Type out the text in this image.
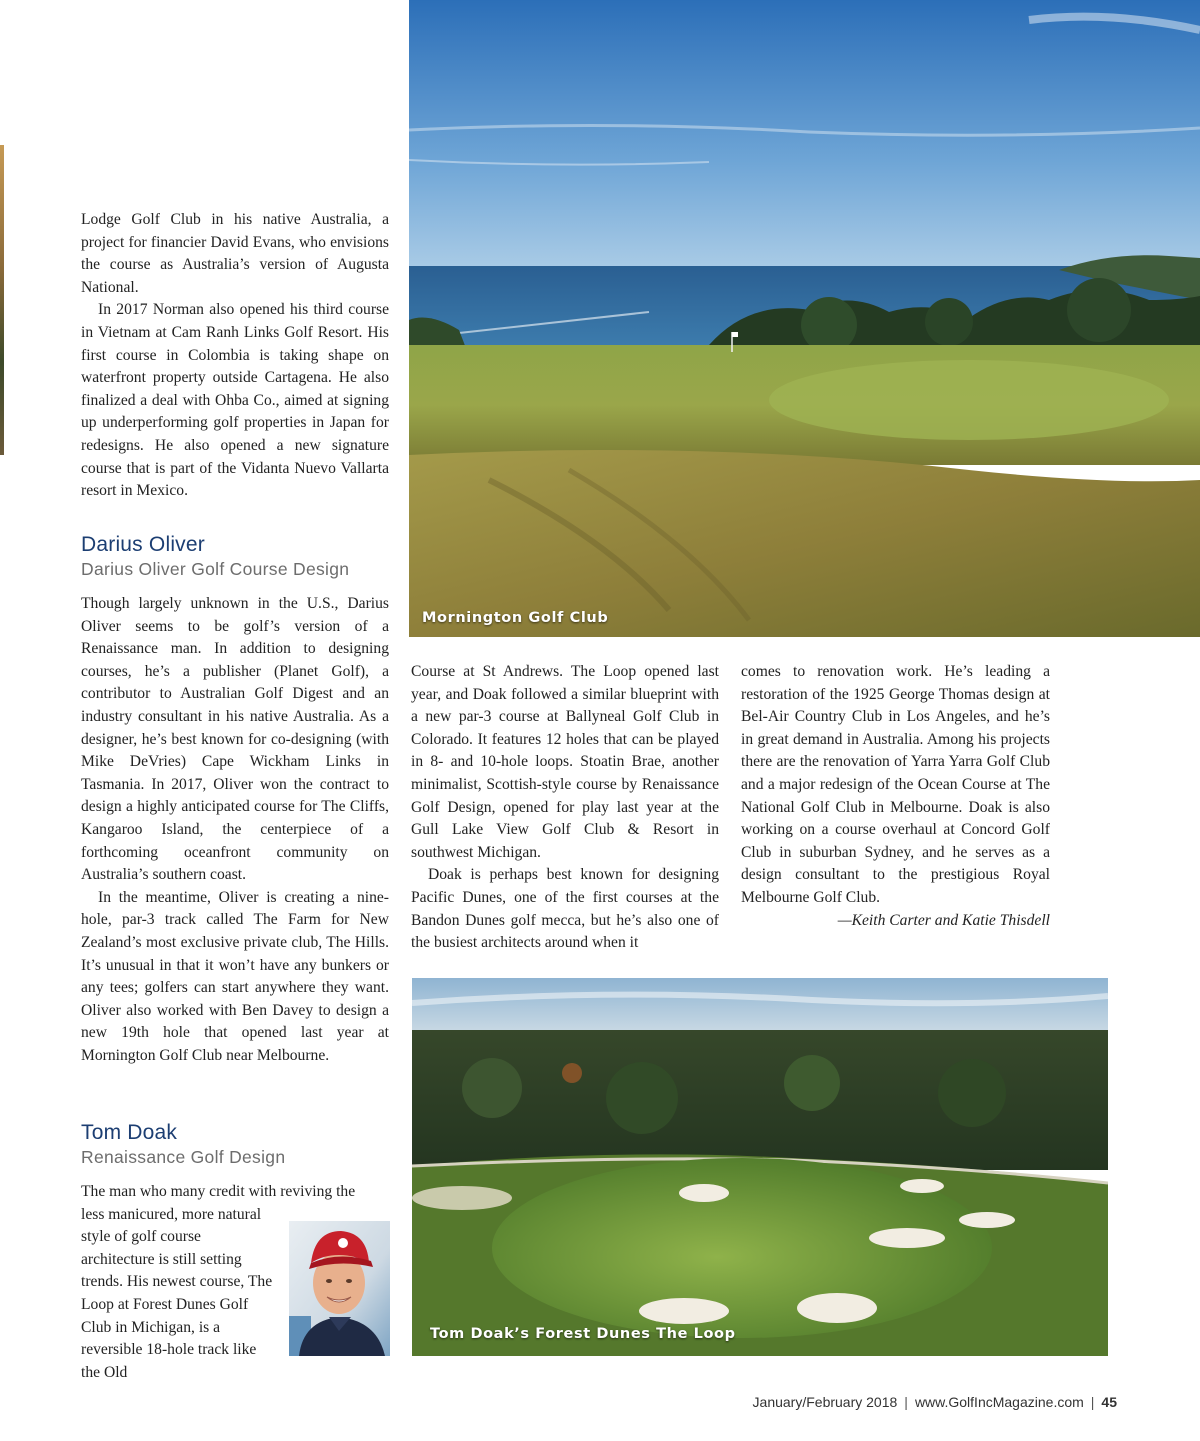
Lodge Golf Club in his native Australia, a project for financier David Evans, who envisions the course as Australia’s version of Augusta National.

In 2017 Norman also opened his third course in Vietnam at Cam Ranh Links Golf Resort. His first course in Colombia is taking shape on waterfront property outside Cartagena. He also finalized a deal with Ohba Co., aimed at signing up underperforming golf properties in Japan for redesigns. He also opened a new signature course that is part of the Vidanta Nuevo Vallarta resort in Mexico.

Darius Oliver
Darius Oliver Golf Course Design

Though largely unknown in the U.S., Darius Oliver seems to be golf’s version of a Renaissance man. In addition to designing courses, he’s a publisher (Planet Golf), a contributor to Australian Golf Digest and an industry consultant in his native Australia. As a designer, he’s best known for co-designing (with Mike DeVries) Cape Wickham Links in Tasmania. In 2017, Oliver won the contract to design a highly anticipated course for The Cliffs, Kangaroo Island, the centerpiece of a forthcoming oceanfront community on Australia’s southern coast.

In the meantime, Oliver is creating a nine-hole, par-3 track called The Farm for New Zealand’s most exclusive private club, The Hills. It’s unusual in that it won’t have any bunkers or any tees; golfers can start anywhere they want. Oliver also worked with Ben Davey to design a new 19th hole that opened last year at Mornington Golf Club near Melbourne.

Tom Doak
Renaissance Golf Design

The man who many credit with reviving the

less manicured, more natural style of golf course architecture is still setting trends. His newest course, The Loop at Forest Dunes Golf Club in Michigan, is a reversible 18-hole track like the Old

Mornington Golf Club

Course at St Andrews. The Loop opened last year, and Doak followed a similar blueprint with a new par-3 course at Ballyneal Golf Club in Colorado. It features 12 holes that can be played in 8- and 10-hole loops. Stoatin Brae, another minimalist, Scottish-style course by Renaissance Golf Design, opened for play last year at the Gull Lake View Golf Club & Resort in southwest Michigan.

Doak is perhaps best known for designing Pacific Dunes, one of the first courses at the Bandon Dunes golf mecca, but he’s also one of the busiest architects around when it

comes to renovation work. He’s leading a restoration of the 1925 George Thomas design at Bel-Air Country Club in Los Angeles, and he’s in great demand in Australia. Among his projects there are the renovation of Yarra Yarra Golf Club and a major redesign of the Ocean Course at The National Golf Club in Melbourne. Doak is also working on a course overhaul at Concord Golf Club in suburban Sydney, and he serves as a design consultant to the prestigious Royal Melbourne Golf Club.

—Keith Carter and Katie Thisdell

Tom Doak’s Forest Dunes The Loop
January/February 2018 | www.GolfIncMagazine.com | 45
